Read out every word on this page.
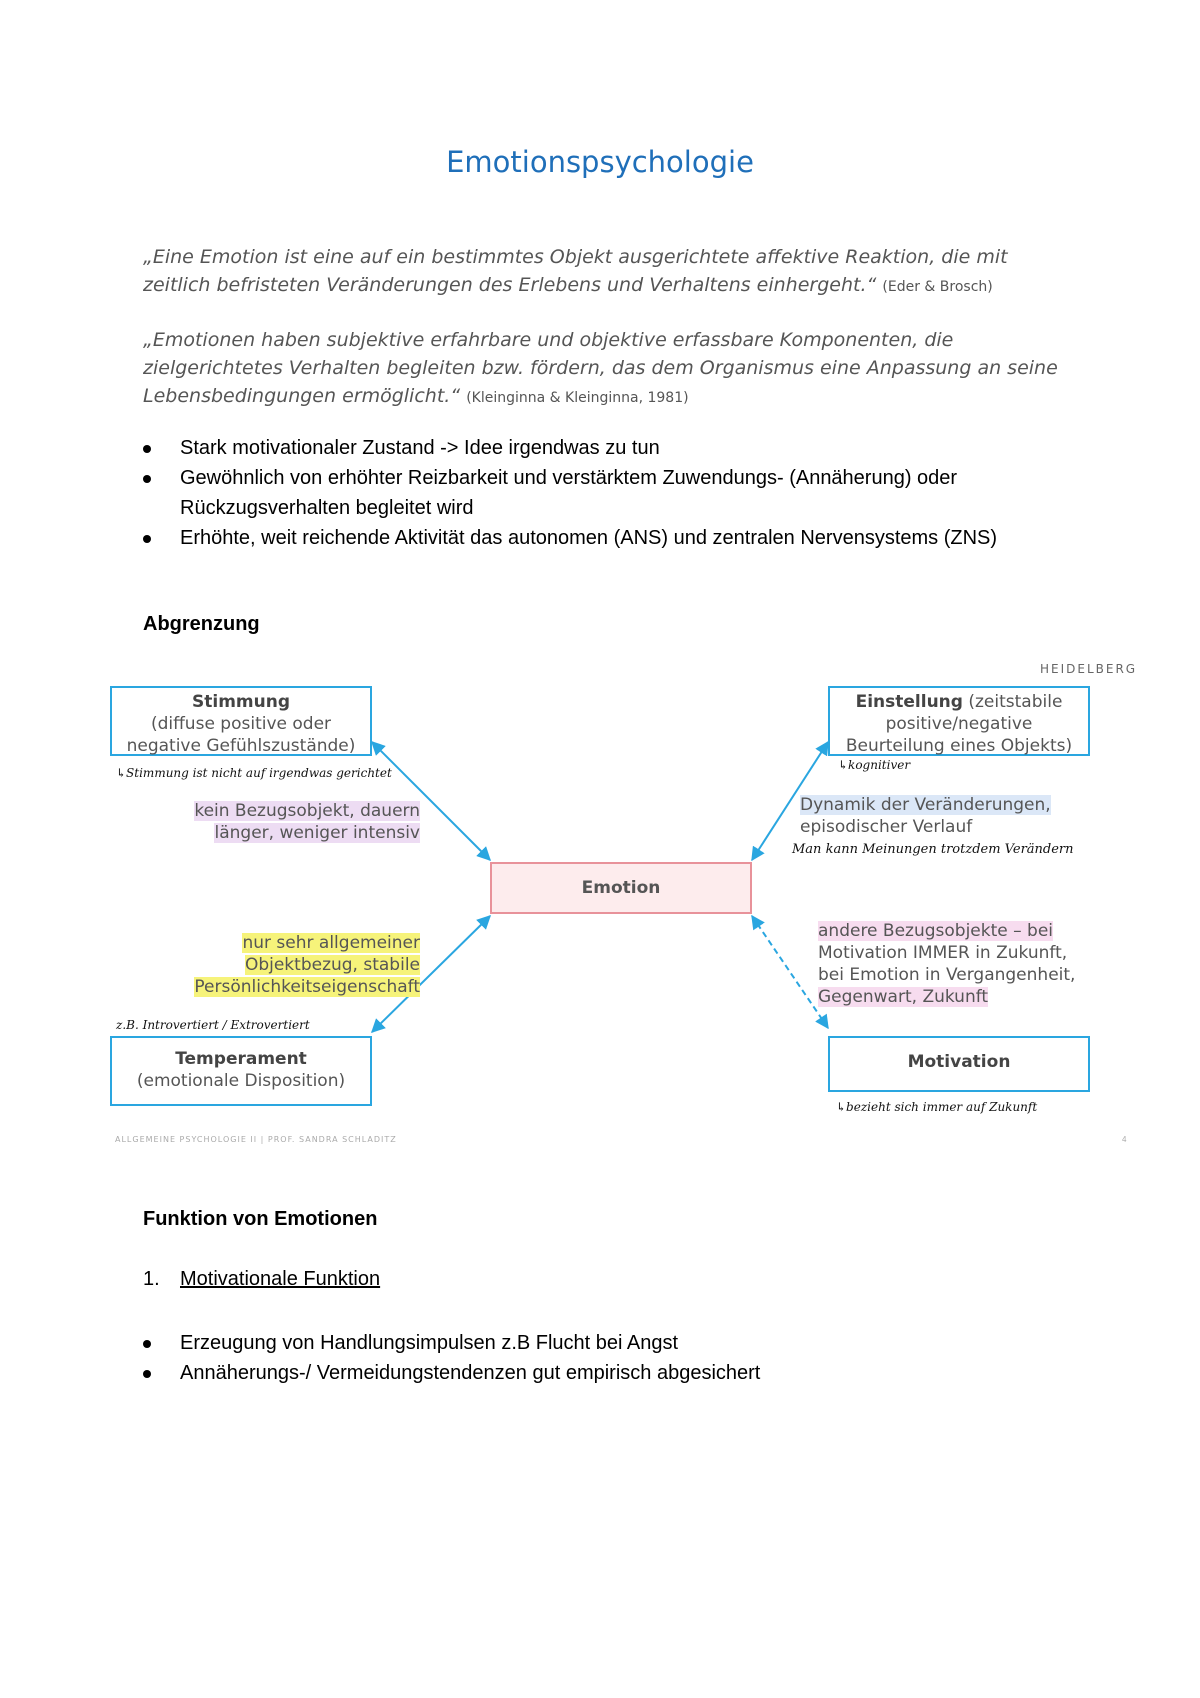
Emotionspsychologie
„Eine Emotion ist eine auf ein bestimmtes Objekt ausgerichtete affektive Reaktion, die mit zeitlich befristeten Veränderungen des Erlebens und Verhaltens einhergeht.“ (Eder & Brosch)
„Emotionen haben subjektive erfahrbare und objektive erfassbare Komponenten, die zielgerichtetes Verhalten begleiten bzw. fördern, das dem Organismus eine Anpassung an seine Lebensbedingungen ermöglicht.“ (Kleinginna & Kleinginna, 1981)
Stark motivationaler Zustand -> Idee irgendwas zu tun
Gewöhnlich von erhöhter Reizbarkeit und verstärktem Zuwendungs- (Annäherung) oder Rückzugsverhalten begleitet wird
Erhöhte, weit reichende Aktivität das autonomen (ANS) und zentralen Nervensystems (ZNS)
Abgrenzung
HEIDELBERG
Stimmung
(diffuse positive oder
negative Gefühlszustände)
Einstellung (zeitstabile
positive/negative
Beurteilung eines Objekts)
Emotion
Temperament
(emotionale Disposition)
Motivation
↳Stimmung ist nicht auf irgendwas gerichtet
kein Bezugsobjekt, dauern
länger, weniger intensiv
↳kognitiver
Dynamik der Veränderungen,
episodischer Verlauf
Man kann Meinungen trotzdem Verändern
nur sehr allgemeiner
Objektbezug, stabile
Persönlichkeitseigenschaft
z.B. Introvertiert / Extrovertiert
andere Bezugsobjekte – bei
Motivation IMMER in Zukunft,
bei Emotion in Vergangenheit,
Gegenwart, Zukunft
↳bezieht sich immer auf Zukunft
ALLGEMEINE PSYCHOLOGIE II | PROF. SANDRA SCHLADITZ	4
Funktion von Emotionen
1. Motivationale Funktion
Erzeugung von Handlungsimpulsen z.B Flucht bei Angst
Annäherungs-/ Vermeidungstendenzen gut empirisch abgesichert
